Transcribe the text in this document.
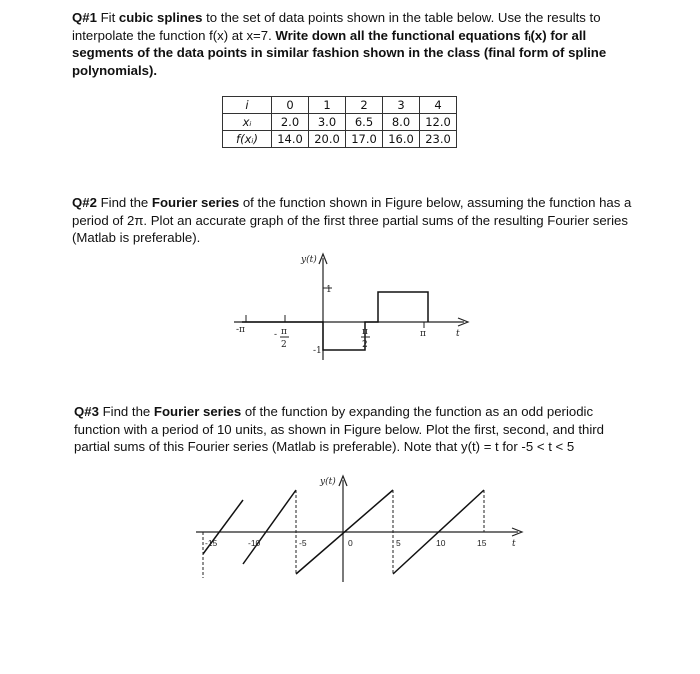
Q#1 Fit cubic splines to the set of data points shown in the table below. Use the results to interpolate the function f(x) at x=7. Write down all the functional equations fᵢ(x) for all segments of the data points in similar fashion shown in the class (final form of spline polynomials).

i	0	1	2	3	4
xᵢ	2.0	3.0	6.5	8.0	12.0
f(xᵢ)	14.0	20.0	17.0	16.0	23.0

Q#2 Find the Fourier series of the function shown in Figure below, assuming the function has a period of 2π. Plot an accurate graph of the first three partial sums of the resulting Fourier series (Matlab is preferable).

y(t)
1
-1
-π	π	t
- π
2
π
2

Q#3 Find the Fourier series of the function by expanding the function as an odd periodic function with a period of 10 units, as shown in Figure below. Plot the first, second, and third partial sums of this Fourier series (Matlab is preferable). Note that y(t) = t for -5 < t < 5

y(t)
t
-15	-10	-5	0	5	10	15
